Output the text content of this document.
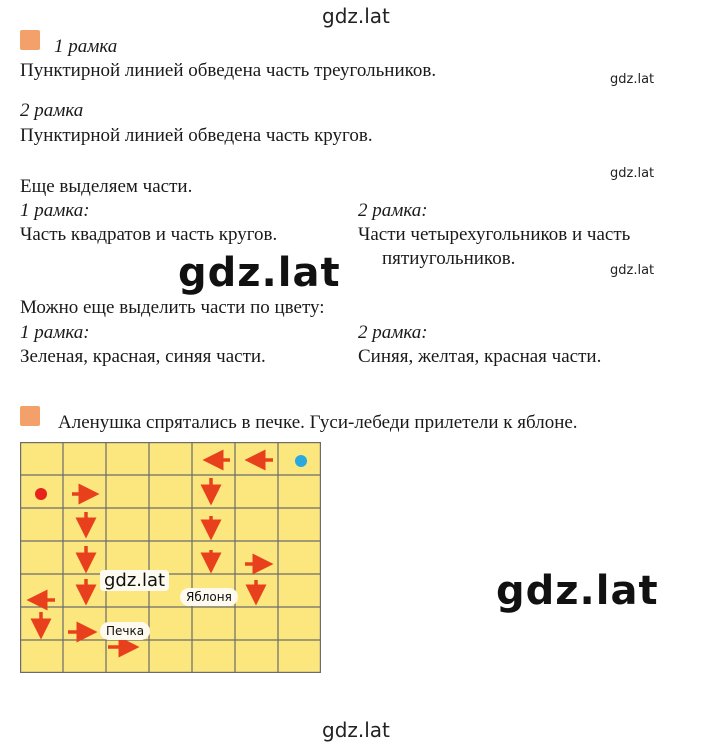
gdz.lat
gdz.lat
gdz.lat
gdz.lat
gdz.lat
gdz.lat
gdz.lat
1 рамка
Пунктирной линией обведена часть треугольников.
2 рамка
Пунктирной линией обведена часть кругов.
Еще выделяем части.
1 рамка:
Часть квадратов и часть кругов.
2 рамка:
Части четырехугольников и часть
пятиугольников.
Можно еще выделить части по цвету:
1 рамка:
Зеленая, красная, синяя части.
2 рамка:
Синяя, желтая, красная части.
Аленушка спрятались в печке. Гуси-лебеди прилетели к яблоне.
gdz.lat
Яблоня
Печка
